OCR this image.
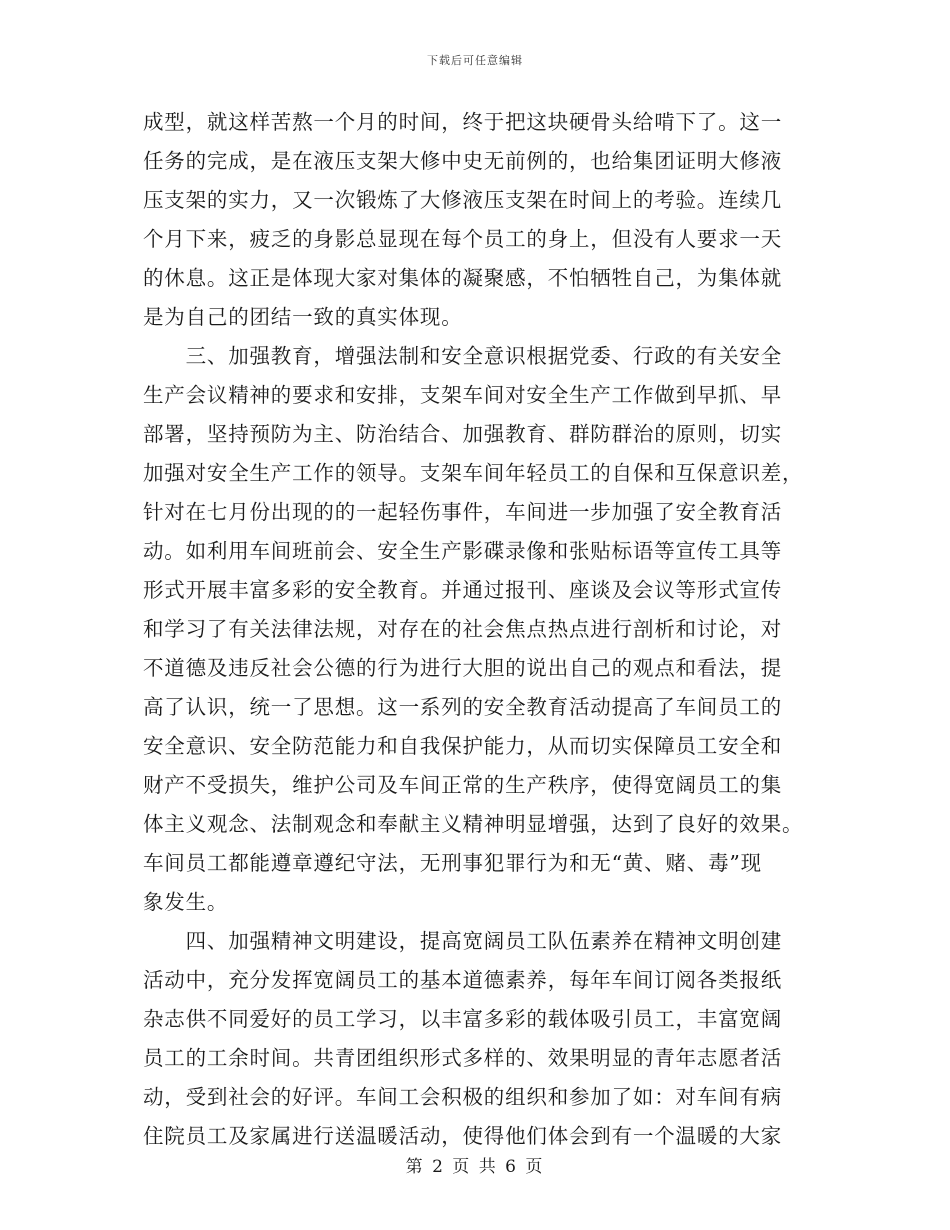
下载后可任意编辑
成型，就这样苦熬一个月的时间，终于把这块硬骨头给啃下了。这一
任务的完成，是在液压支架大修中史无前例的，也给集团证明大修液
压支架的实力，又一次锻炼了大修液压支架在时间上的考验。连续几
个月下来，疲乏的身影总显现在每个员工的身上，但没有人要求一天
的休息。这正是体现大家对集体的凝聚感，不怕牺牲自己，为集体就
是为自己的团结一致的真实体现。
　　三、加强教育，增强法制和安全意识根据党委、行政的有关安全
生产会议精神的要求和安排，支架车间对安全生产工作做到早抓、早
部署，坚持预防为主、防治结合、加强教育、群防群治的原则，切实
加强对安全生产工作的领导。支架车间年轻员工的自保和互保意识差，
针对在七月份出现的的一起轻伤事件，车间进一步加强了安全教育活
动。如利用车间班前会、安全生产影碟录像和张贴标语等宣传工具等
形式开展丰富多彩的安全教育。并通过报刊、座谈及会议等形式宣传
和学习了有关法律法规，对存在的社会焦点热点进行剖析和讨论，对
不道德及违反社会公德的行为进行大胆的说出自己的观点和看法，提
高了认识，统一了思想。这一系列的安全教育活动提高了车间员工的
安全意识、安全防范能力和自我保护能力，从而切实保障员工安全和
财产不受损失，维护公司及车间正常的生产秩序，使得宽阔员工的集
体主义观念、法制观念和奉献主义精神明显增强，达到了良好的效果。
车间员工都能遵章遵纪守法，无刑事犯罪行为和无“黄、赌、毒”现
象发生。
　　四、加强精神文明建设，提高宽阔员工队伍素养在精神文明创建
活动中，充分发挥宽阔员工的基本道德素养，每年车间订阅各类报纸
杂志供不同爱好的员工学习，以丰富多彩的载体吸引员工，丰富宽阔
员工的工余时间。共青团组织形式多样的、效果明显的青年志愿者活
动，受到社会的好评。车间工会积极的组织和参加了如：对车间有病
住院员工及家属进行送温暖活动，使得他们体会到有一个温暖的大家
第 2 页 共 6 页
